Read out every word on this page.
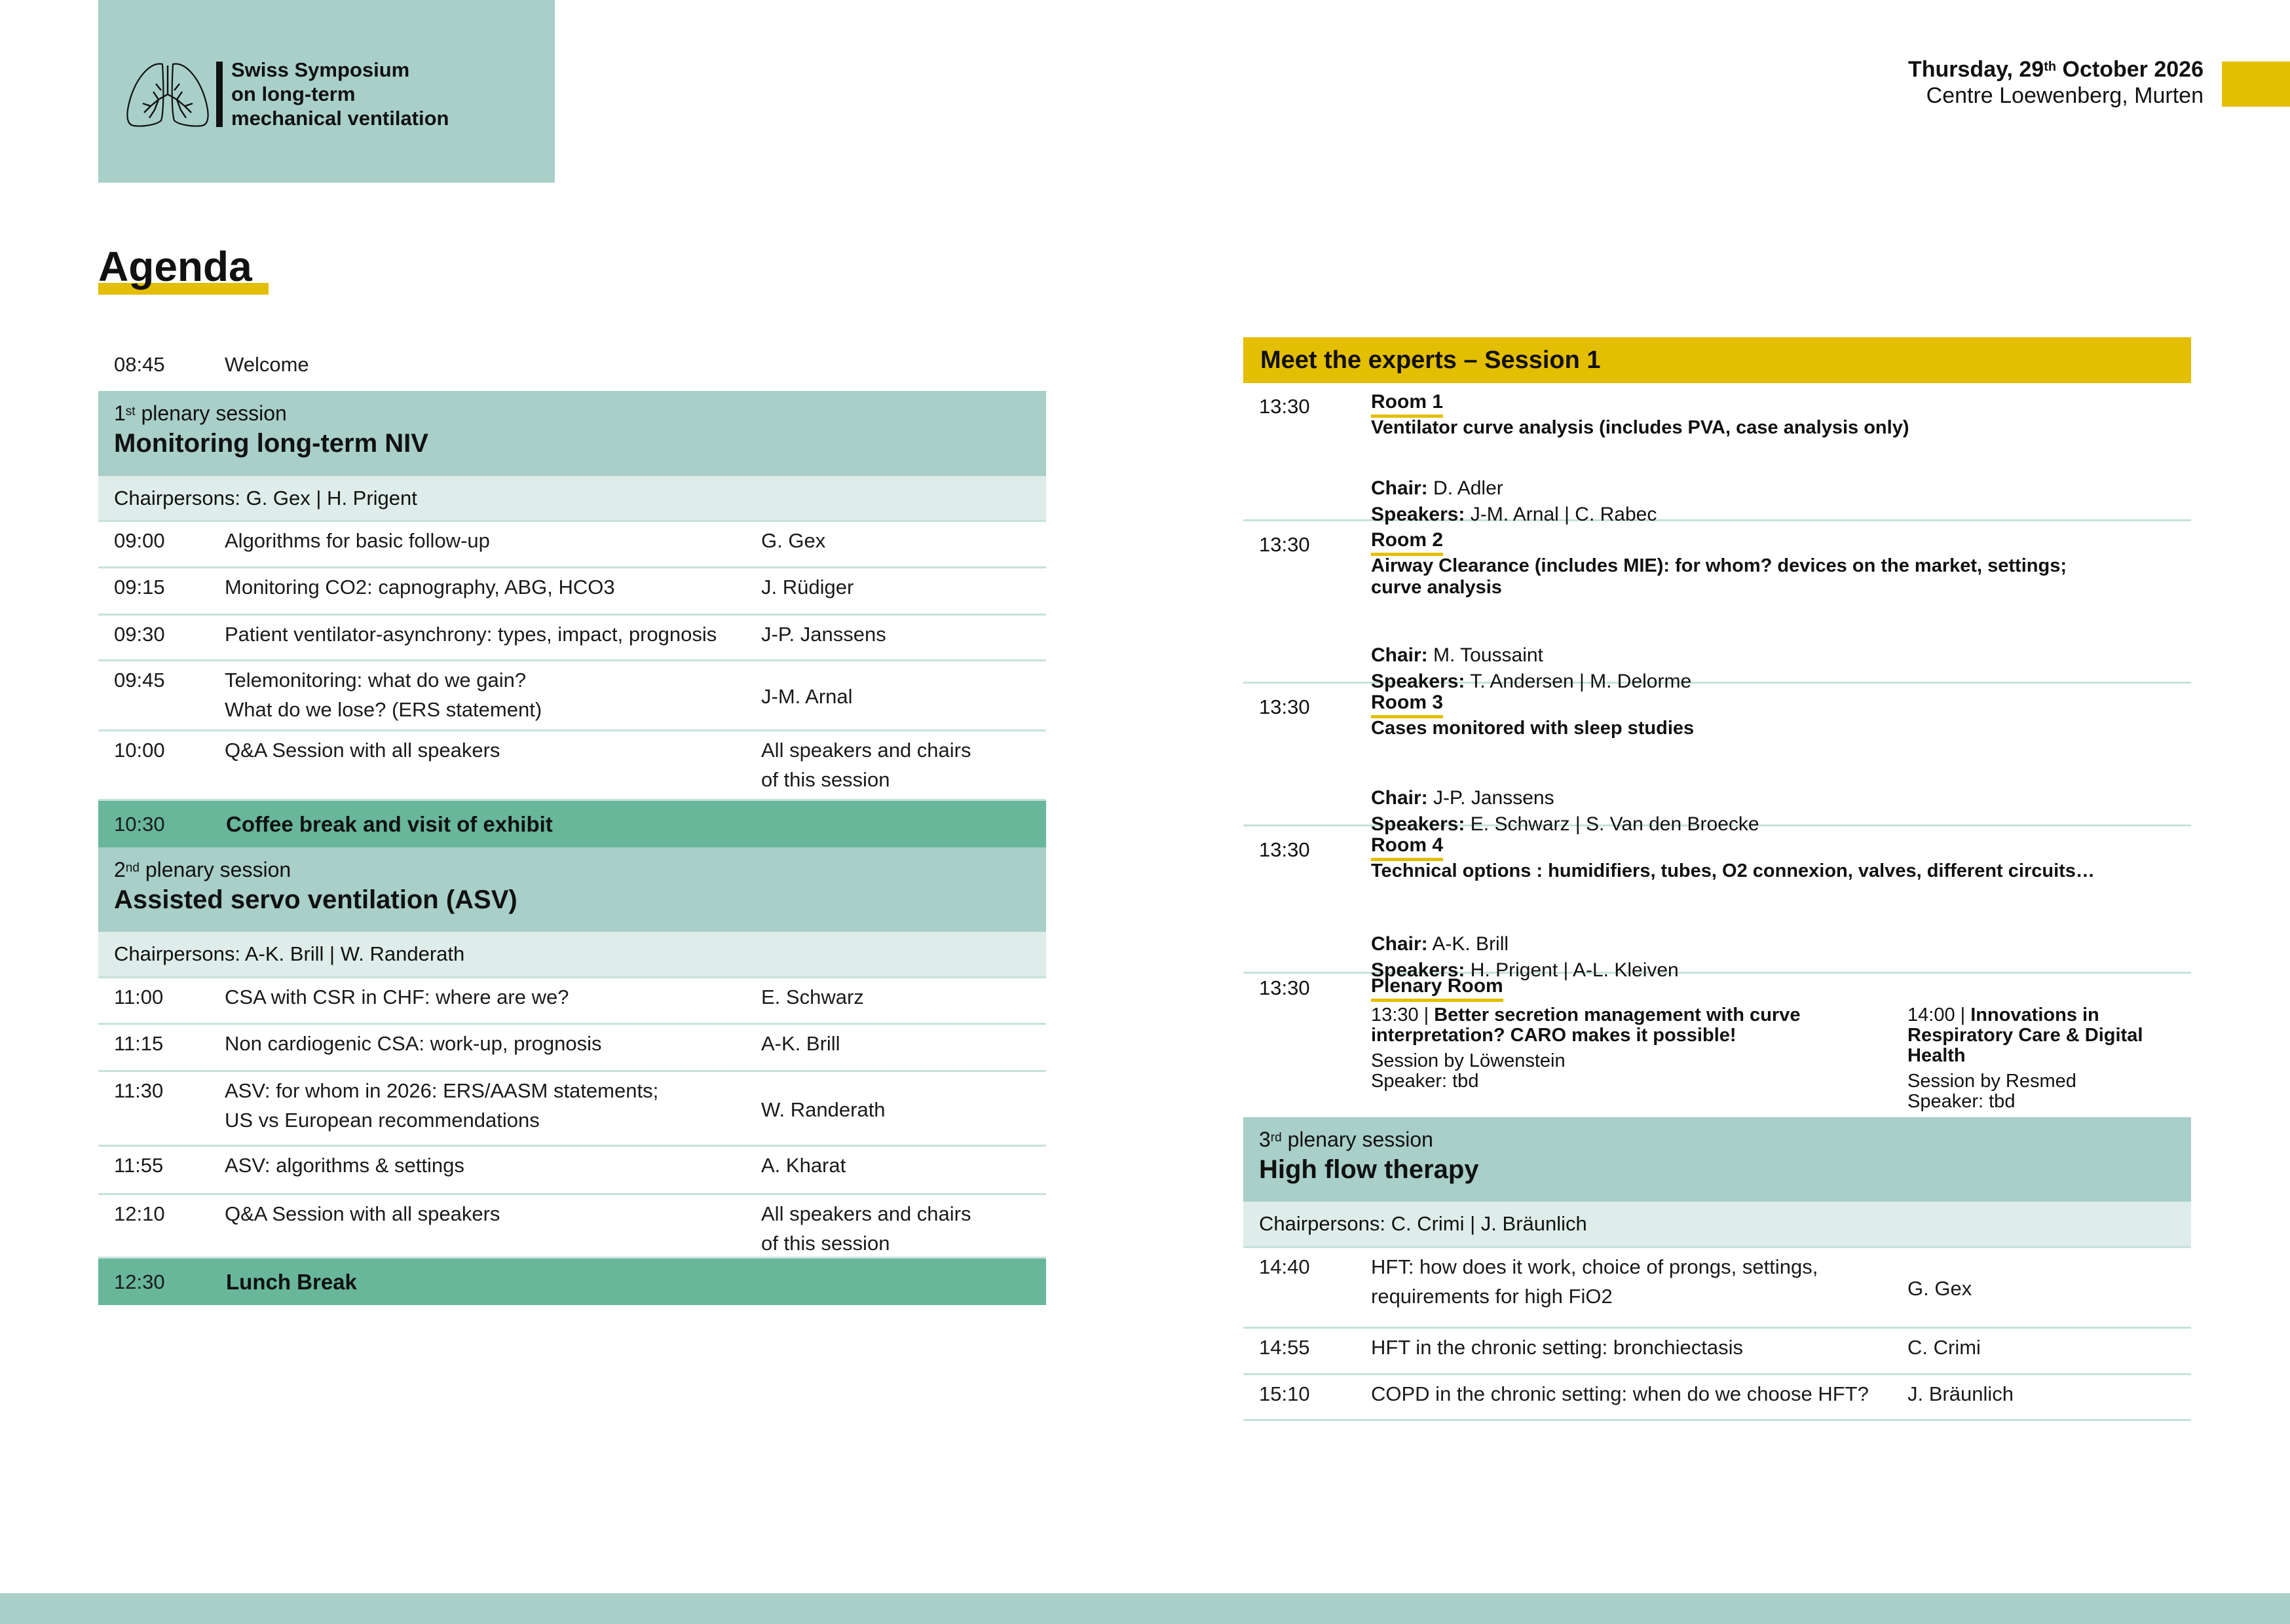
Swiss Symposium
on long-term
mechanical ventilation
Thursday, 29th October 2026
Centre Loewenberg, Murten
Agenda
08:45	Welcome
1st plenary session
Monitoring long-term NIV
Chairpersons: G. Gex | H. Prigent
09:00	Algorithms for basic follow-up	G. Gex
09:15	Monitoring CO2: capnography, ABG, HCO3	J. Rüdiger
09:30	Patient ventilator-asynchrony: types, impact, prognosis J-P. Janssens
09:45	Telemonitoring: what do we gain?
What do we lose? (ERS statement)
J-M. Arnal
10:00	Q&A Session with all speakers	All speakers and chairs
of this session
10:30	Coffee break and visit of exhibit
2nd plenary session
Assisted servo ventilation (ASV)
Chairpersons: A-K. Brill | W. Randerath
11:00	CSA with CSR in CHF: where are we?	E. Schwarz
11:15	Non cardiogenic CSA: work-up, prognosis	A-K. Brill
11:30	ASV: for whom in 2026: ERS/AASM statements;
US vs European recommendations	W. Randerath
11:55	ASV: algorithms & settings	A. Kharat
12:10	Q&A Session with all speakers	All speakers and chairs
of this session
12:30	Lunch Break
Meet the experts – Session 1
13:30	Room 1
Ventilator curve analysis (includes PVA, case analysis only)
Chair: D. Adler
Speakers: J-M. Arnal | C. Rabec
13:30	Room 2
Airway Clearance (includes MIE): for whom? devices on the market, settings; curve analysis
Chair: M. Toussaint
Speakers: T. Andersen | M. Delorme
13:30	Room 3
Cases monitored with sleep studies
Chair: J-P. Janssens
Speakers: E. Schwarz | S. Van den Broecke
13:30	Room 4
Technical options : humidifiers, tubes, O2 connexion, valves, different circuits…
Chair: A-K. Brill
Speakers: H. Prigent | A-L. Kleiven
13:30	Plenary Room
13:30 | Better secretion management with curve interpretation? CARO makes it possible!
Session by Löwenstein
Speaker: tbd
14:00 | Innovations in Respiratory Care & Digital Health
Session by Resmed
Speaker: tbd
3rd plenary session
High flow therapy
Chairpersons: C. Crimi | J. Bräunlich
14:40	HFT: how does it work, choice of prongs, settings,
requirements for high FiO2	G. Gex
14:55	HFT in the chronic setting: bronchiectasis	C. Crimi
15:10	COPD in the chronic setting: when do we choose HFT? J. Bräunlich
